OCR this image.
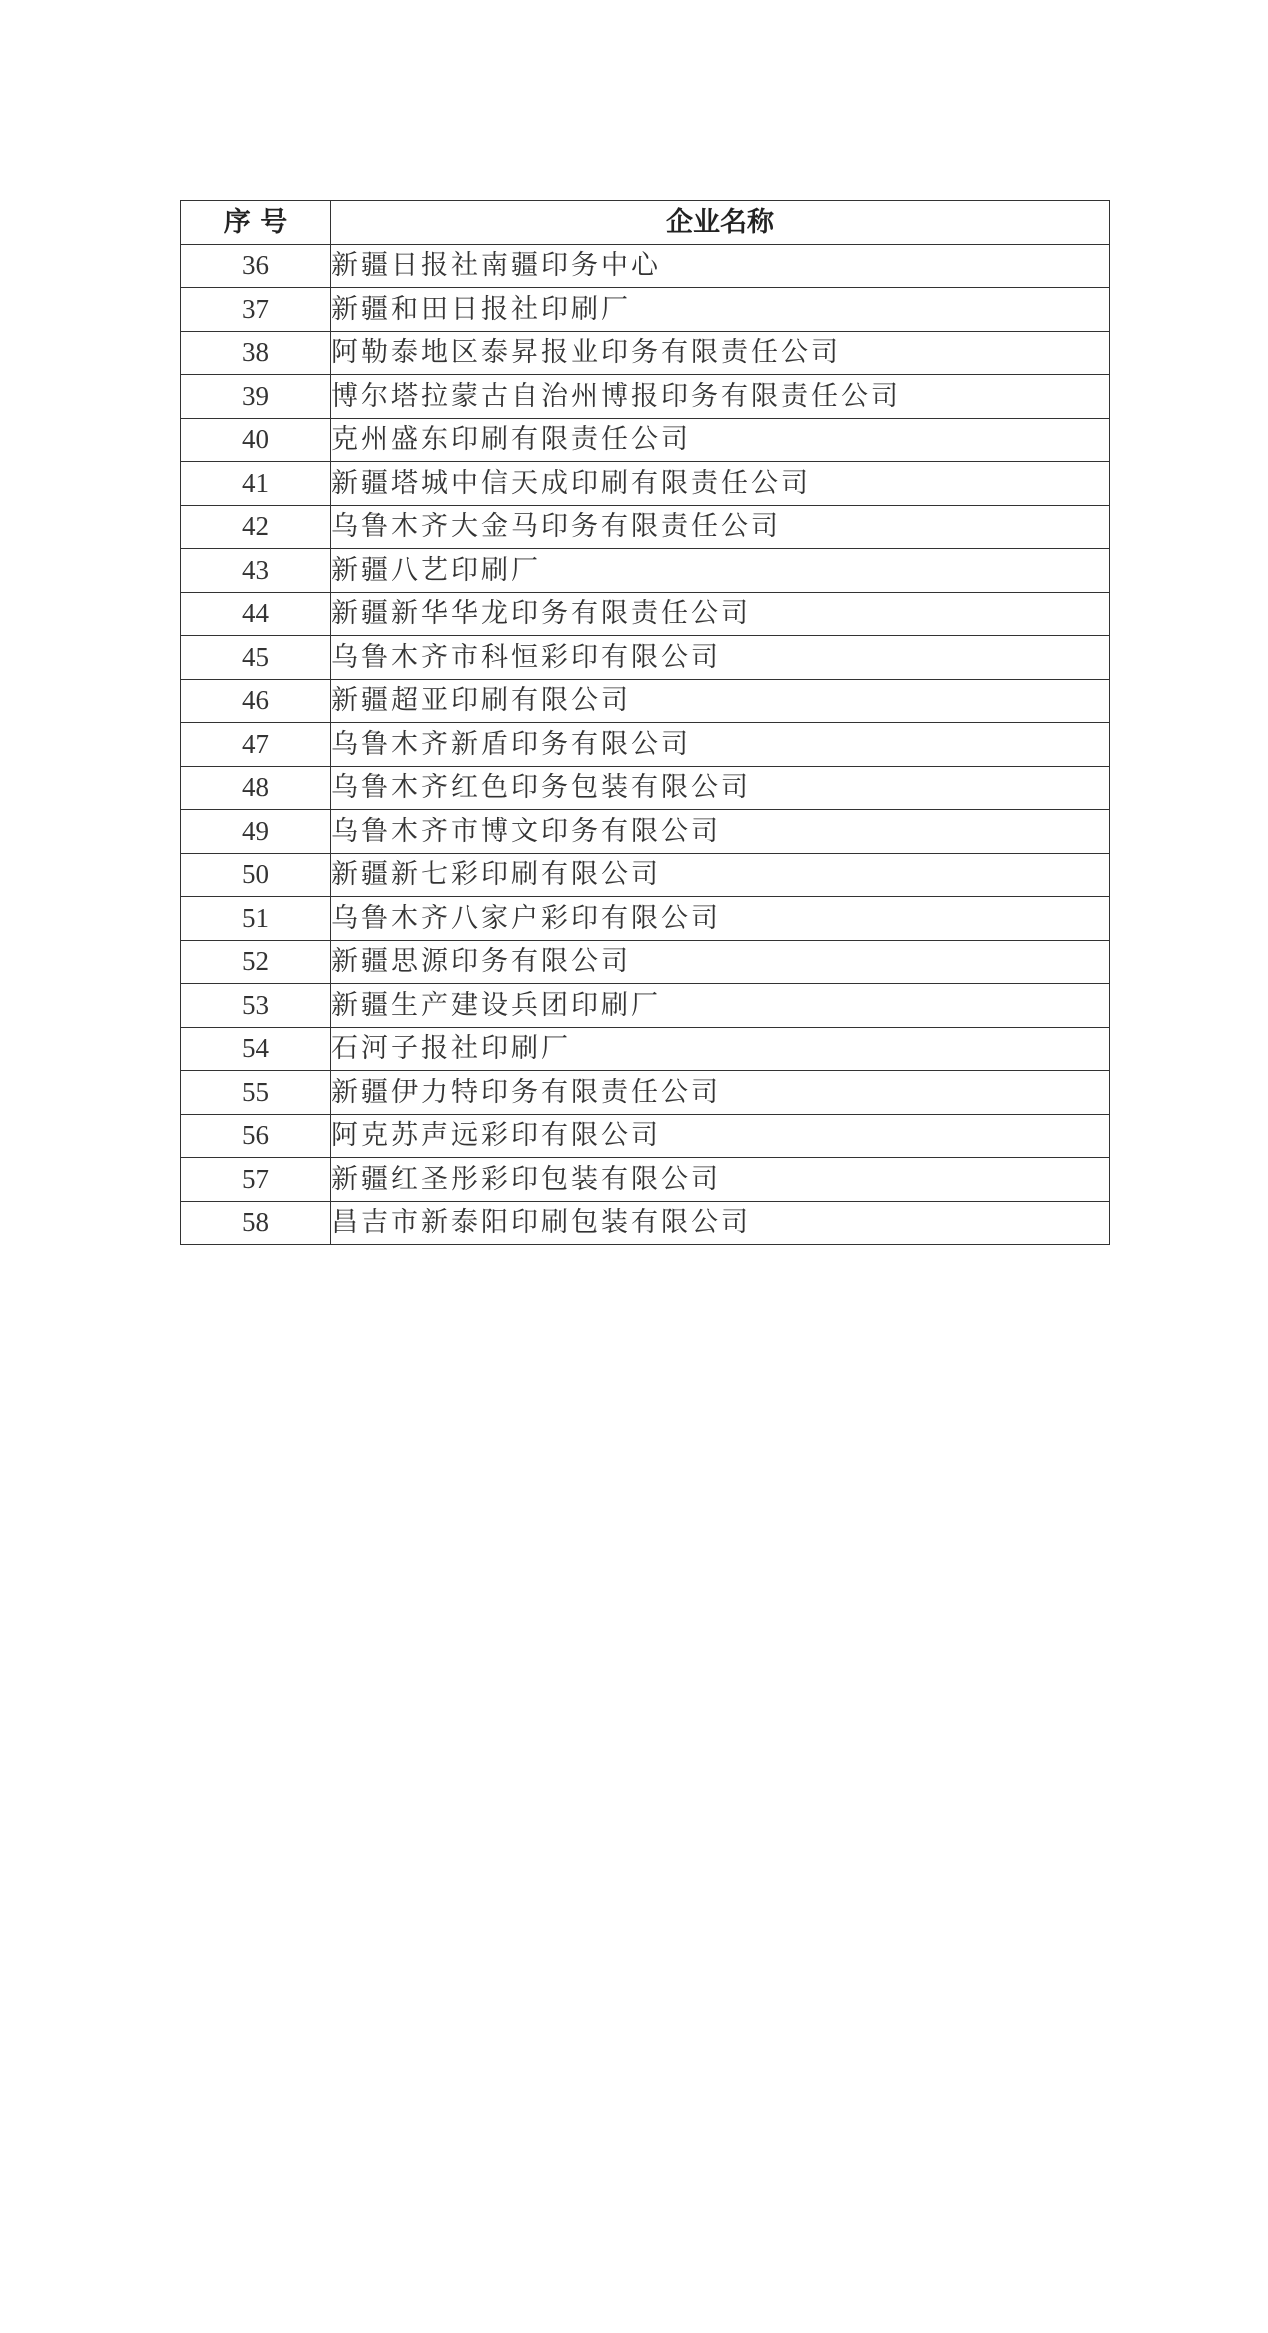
序 号	企业名称
36	新疆日报社南疆印务中心
37	新疆和田日报社印刷厂
38	阿勒泰地区泰昇报业印务有限责任公司
39	博尔塔拉蒙古自治州博报印务有限责任公司
40	克州盛东印刷有限责任公司
41	新疆塔城中信天成印刷有限责任公司
42	乌鲁木齐大金马印务有限责任公司
43	新疆八艺印刷厂
44	新疆新华华龙印务有限责任公司
45	乌鲁木齐市科恒彩印有限公司
46	新疆超亚印刷有限公司
47	乌鲁木齐新盾印务有限公司
48	乌鲁木齐红色印务包装有限公司
49	乌鲁木齐市博文印务有限公司
50	新疆新七彩印刷有限公司
51	乌鲁木齐八家户彩印有限公司
52	新疆思源印务有限公司
53	新疆生产建设兵团印刷厂
54	石河子报社印刷厂
55	新疆伊力特印务有限责任公司
56	阿克苏声远彩印有限公司
57	新疆红圣彤彩印包装有限公司
58	昌吉市新泰阳印刷包装有限公司
